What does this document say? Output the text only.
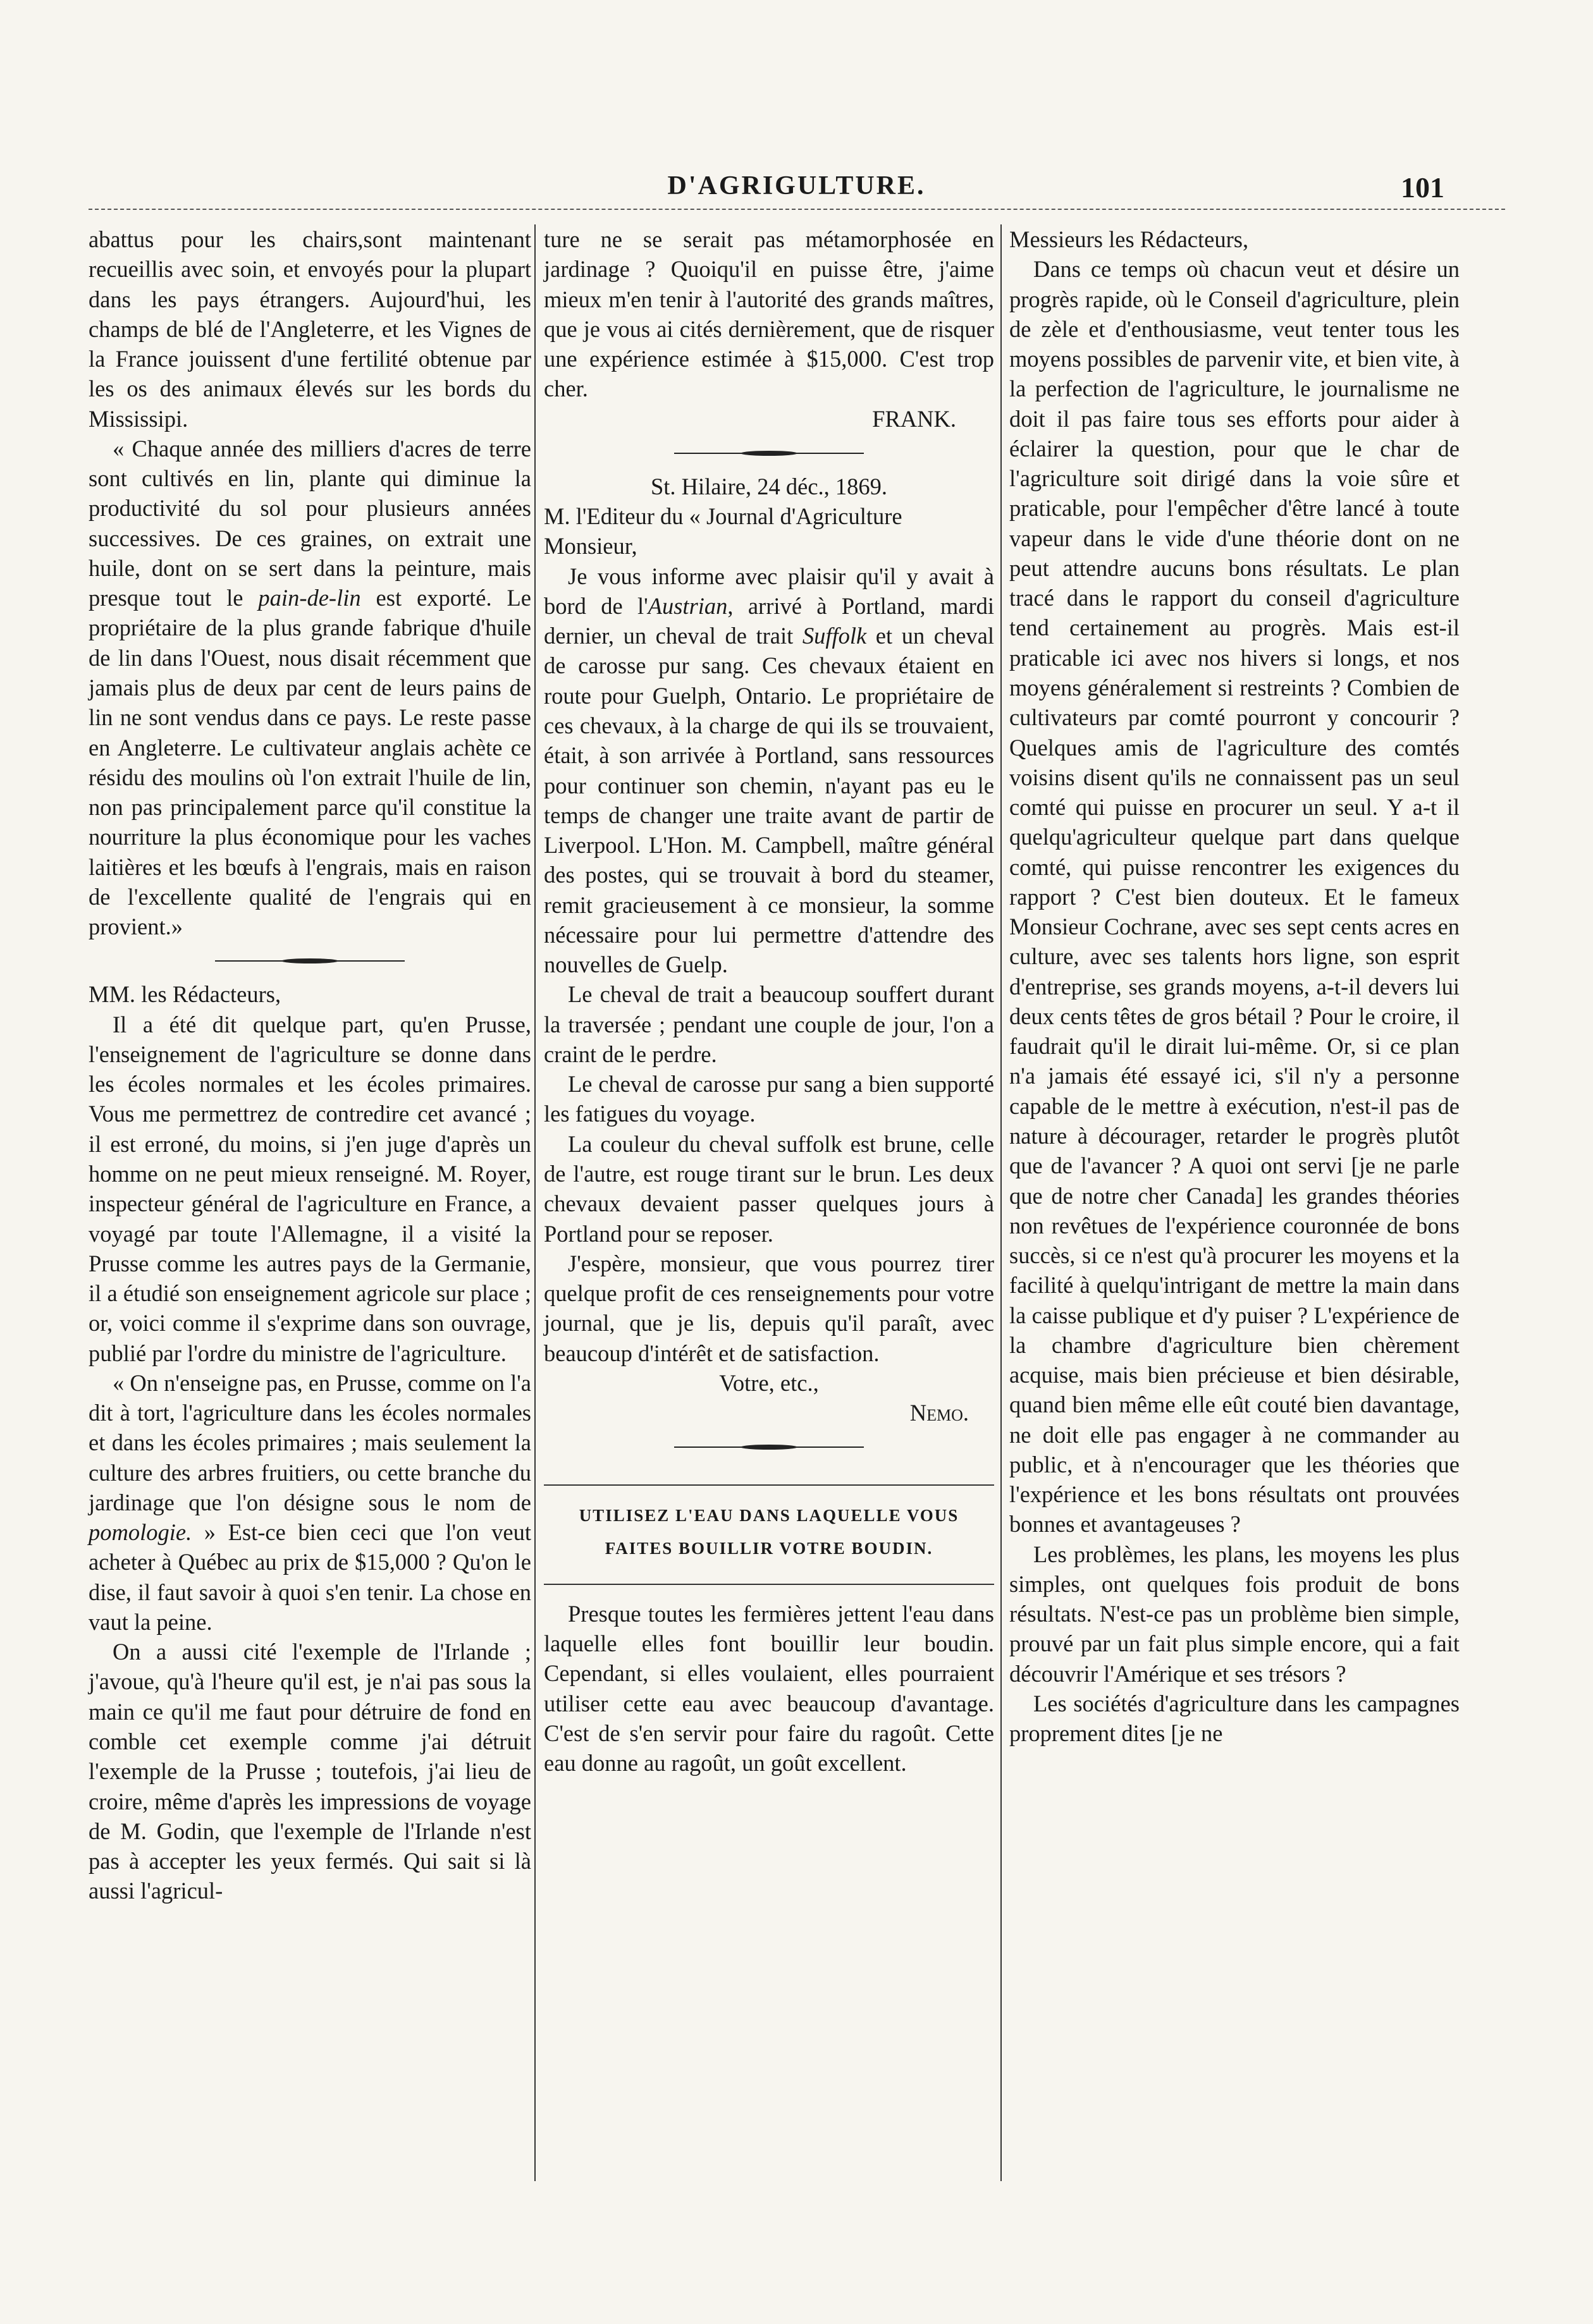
D'AGRIGULTURE.	101

abattus pour les chairs,sont maintenant recueillis avec soin, et envoyés pour la plupart dans les pays étrangers. Aujourd'hui, les champs de blé de l'Angleterre, et les Vignes de la France jouissent d'une fertilité obtenue par les os des animaux élevés sur les bords du Mississipi.

« Chaque année des milliers d'acres de terre sont cultivés en lin, plante qui diminue la productivité du sol pour plusieurs années successives. De ces graines, on extrait une huile, dont on se sert dans la peinture, mais presque tout le pain-de-lin est exporté. Le propriétaire de la plus grande fabrique d'huile de lin dans l'Ouest, nous disait récemment que jamais plus de deux par cent de leurs pains de lin ne sont vendus dans ce pays. Le reste passe en Angleterre. Le cultivateur anglais achète ce résidu des moulins où l'on extrait l'huile de lin, non pas principalement parce qu'il constitue la nourriture la plus économique pour les vaches laitières et les bœufs à l'engrais, mais en raison de l'excellente qualité de l'engrais qui en provient.»

MM. les Rédacteurs,

Il a été dit quelque part, qu'en Prusse, l'enseignement de l'agriculture se donne dans les écoles normales et les écoles primaires. Vous me permettrez de contredire cet avancé ; il est erroné, du moins, si j'en juge d'après un homme on ne peut mieux renseigné. M. Royer, inspecteur général de l'agriculture en France, a voyagé par toute l'Allemagne, il a visité la Prusse comme les autres pays de la Germanie, il a étudié son enseignement agricole sur place ; or, voici comme il s'exprime dans son ouvrage, publié par l'ordre du ministre de l'agriculture.

« On n'enseigne pas, en Prusse, comme on l'a dit à tort, l'agriculture dans les écoles normales et dans les écoles primaires ; mais seulement la culture des arbres fruitiers, ou cette branche du jardinage que l'on désigne sous le nom de pomologie. » Est-ce bien ceci que l'on veut acheter à Québec au prix de $15,000 ? Qu'on le dise, il faut savoir à quoi s'en tenir. La chose en vaut la peine.

On a aussi cité l'exemple de l'Irlande ; j'avoue, qu'à l'heure qu'il est, je n'ai pas sous la main ce qu'il me faut pour détruire de fond en comble cet exemple comme j'ai détruit l'exemple de la Prusse ; toutefois, j'ai lieu de croire, même d'après les impressions de voyage de M. Godin, que l'exemple de l'Irlande n'est pas à accepter les yeux fermés. Qui sait si là aussi l'agricul-

ture ne se serait pas métamorphosée en jardinage ? Quoiqu'il en puisse être, j'aime mieux m'en tenir à l'autorité des grands maîtres, que je vous ai cités dernièrement, que de risquer une expérience estimée à $15,000. C'est trop cher.

FRANK.

St. Hilaire, 24 déc., 1869.

M. l'Editeur du « Journal d'Agriculture

Monsieur,

Je vous informe avec plaisir qu'il y avait à bord de l'Austrian, arrivé à Portland, mardi dernier, un cheval de trait Suffolk et un cheval de carosse pur sang. Ces chevaux étaient en route pour Guelph, Ontario. Le propriétaire de ces chevaux, à la charge de qui ils se trouvaient, était, à son arrivée à Portland, sans ressources pour continuer son chemin, n'ayant pas eu le temps de changer une traite avant de partir de Liverpool. L'Hon. M. Campbell, maître général des postes, qui se trouvait à bord du steamer, remit gracieusement à ce monsieur, la somme nécessaire pour lui permettre d'attendre des nouvelles de Guelp.

Le cheval de trait a beaucoup souffert durant la traversée ; pendant une couple de jour, l'on a craint de le perdre.

Le cheval de carosse pur sang a bien supporté les fatigues du voyage.

La couleur du cheval suffolk est brune, celle de l'autre, est rouge tirant sur le brun. Les deux chevaux devaient passer quelques jours à Portland pour se reposer.

J'espère, monsieur, que vous pourrez tirer quelque profit de ces renseignements pour votre journal, que je lis, depuis qu'il paraît, avec beaucoup d'intérêt et de satisfaction.

Votre, etc.,

Nemo.

UTILISEZ L'EAU DANS LAQUELLE VOUS
FAITES BOUILLIR VOTRE BOUDIN.

Presque toutes les fermières jettent l'eau dans laquelle elles font bouillir leur boudin. Cependant, si elles voulaient, elles pourraient utiliser cette eau avec beaucoup d'avantage. C'est de s'en servir pour faire du ragoût. Cette eau donne au ragoût, un goût excellent.

Messieurs les Rédacteurs,

Dans ce temps où chacun veut et désire un progrès rapide, où le Conseil d'agriculture, plein de zèle et d'enthousiasme, veut tenter tous les moyens possibles de parvenir vite, et bien vite, à la perfection de l'agriculture, le journalisme ne doit il pas faire tous ses efforts pour aider à éclairer la question, pour que le char de l'agriculture soit dirigé dans la voie sûre et praticable, pour l'empêcher d'être lancé à toute vapeur dans le vide d'une théorie dont on ne peut attendre aucuns bons résultats. Le plan tracé dans le rapport du conseil d'agriculture tend certainement au progrès. Mais est-il praticable ici avec nos hivers si longs, et nos moyens généralement si restreints ? Combien de cultivateurs par comté pourront y concourir ? Quelques amis de l'agriculture des comtés voisins disent qu'ils ne connaissent pas un seul comté qui puisse en procurer un seul. Y a-t il quelqu'agriculteur quelque part dans quelque comté, qui puisse rencontrer les exigences du rapport ? C'est bien douteux. Et le fameux Monsieur Cochrane, avec ses sept cents acres en culture, avec ses talents hors ligne, son esprit d'entreprise, ses grands moyens, a-t-il devers lui deux cents têtes de gros bétail ? Pour le croire, il faudrait qu'il le dirait lui-même. Or, si ce plan n'a jamais été essayé ici, s'il n'y a personne capable de le mettre à exécution, n'est-il pas de nature à décourager, retarder le progrès plutôt que de l'avancer ? A quoi ont servi [je ne parle que de notre cher Canada] les grandes théories non revêtues de l'expérience couronnée de bons succès, si ce n'est qu'à procurer les moyens et la facilité à quelqu'intrigant de mettre la main dans la caisse publique et d'y puiser ? L'expérience de la chambre d'agriculture bien chèrement acquise, mais bien précieuse et bien désirable, quand bien même elle eût couté bien davantage, ne doit elle pas engager à ne commander au public, et à n'encourager que les théories que l'expérience et les bons résultats ont prouvées bonnes et avantageuses ?

Les problèmes, les plans, les moyens les plus simples, ont quelques fois produit de bons résultats. N'est-ce pas un problème bien simple, prouvé par un fait plus simple encore, qui a fait découvrir l'Amérique et ses trésors ?

Les sociétés d'agriculture dans les campagnes proprement dites [je ne
